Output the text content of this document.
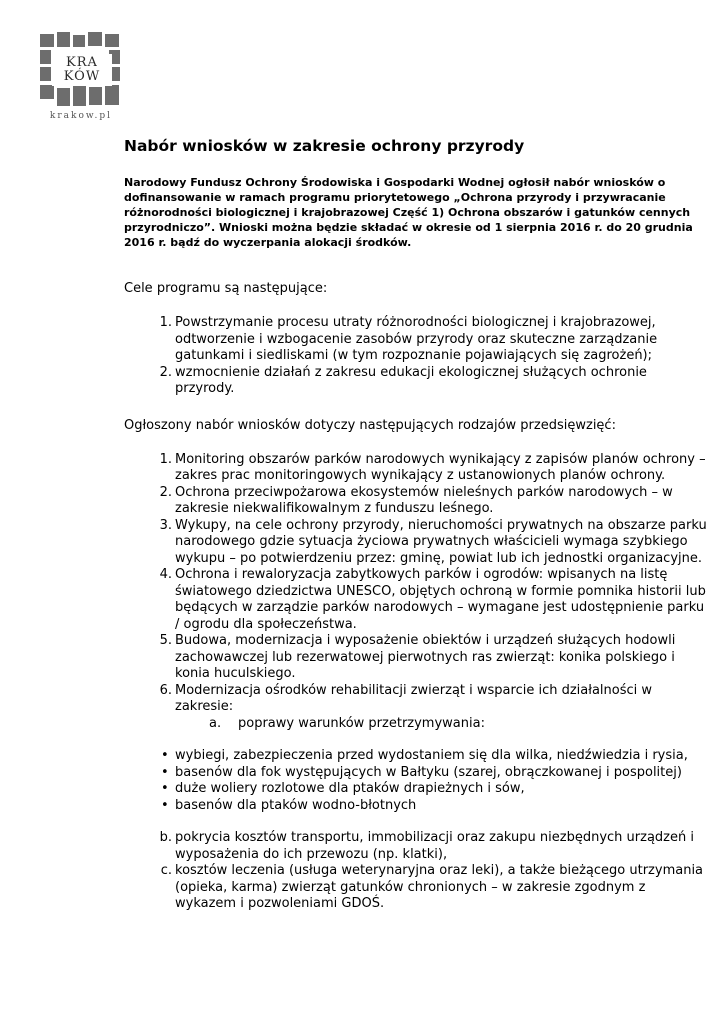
KRA
KÓW
krakow.pl
Nabór wniosków w zakresie ochrony przyrody
Narodowy Fundusz Ochrony Środowiska i Gospodarki Wodnej ogłosił nabór wniosków o dofinansowanie w ramach programu priorytetowego „Ochrona przyrody i przywracanie różnorodności biologicznej i krajobrazowej Część 1) Ochrona obszarów i gatunków cennych przyrodniczo”. Wnioski można będzie składać w okresie od 1 sierpnia 2016 r. do 20 grudnia 2016 r. bądź do wyczerpania alokacji środków.

Cele programu są następujące:

1. Powstrzymanie procesu utraty różnorodności biologicznej i krajobrazowej, odtworzenie i wzbogacenie zasobów przyrody oraz skuteczne zarządzanie gatunkami i siedliskami (w tym rozpoznanie pojawiających się zagrożeń);
2. wzmocnienie działań z zakresu edukacji ekologicznej służących ochronie przyrody.

Ogłoszony nabór wniosków dotyczy następujących rodzajów przedsięwzięć:

1. Monitoring obszarów parków narodowych wynikający z zapisów planów ochrony – zakres prac monitoringowych wynikający z ustanowionych planów ochrony.
2. Ochrona przeciwpożarowa ekosystemów nieleśnych parków narodowych – w zakresie niekwalifikowalnym z funduszu leśnego.
3. Wykupy, na cele ochrony przyrody, nieruchomości prywatnych na obszarze parku narodowego gdzie sytuacja życiowa prywatnych właścicieli wymaga szybkiego wykupu – po potwierdzeniu przez: gminę, powiat lub ich jednostki organizacyjne.
4. Ochrona i rewaloryzacja zabytkowych parków i ogrodów: wpisanych na listę światowego dziedzictwa UNESCO, objętych ochroną w formie pomnika historii lub będących w zarządzie parków narodowych – wymagane jest udostępnienie parku / ogrodu dla społeczeństwa.
5. Budowa, modernizacja i wyposażenie obiektów i urządzeń służących hodowli zachowawczej lub rezerwatowej pierwotnych ras zwierząt: konika polskiego i konia huculskiego.
6. Modernizacja ośrodków rehabilitacji zwierząt i wsparcie ich działalności w zakresie:
a. poprawy warunków przetrzymywania:
• wybiegi, zabezpieczenia przed wydostaniem się dla wilka, niedźwiedzia i rysia,
• basenów dla fok występujących w Bałtyku (szarej, obrączkowanej i pospolitej)
• duże woliery rozlotowe dla ptaków drapieżnych i sów,
• basenów dla ptaków wodno-błotnych
b. pokrycia kosztów transportu, immobilizacji oraz zakupu niezbędnych urządzeń i wyposażenia do ich przewozu (np. klatki),
c. kosztów leczenia (usługa weterynaryjna oraz leki), a także bieżącego utrzymania (opieka, karma) zwierząt gatunków chronionych – w zakresie zgodnym z wykazem i pozwoleniami GDOŚ.
